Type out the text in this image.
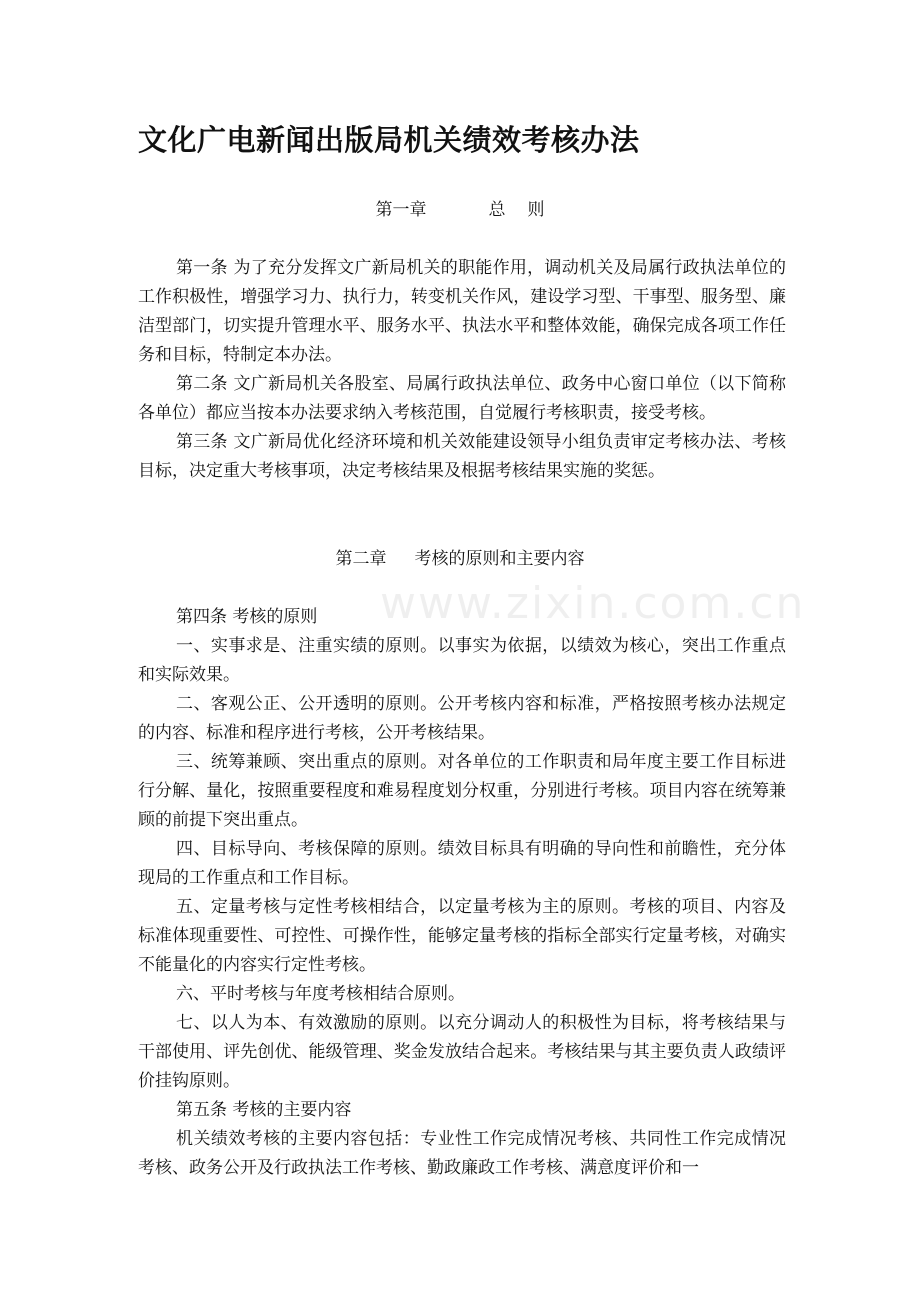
www.zixin.com.cn
文化广电新闻出版局机关绩效考核办法
第一章	总 则

第一条 为了充分发挥文广新局机关的职能作用，调动机关及局属行政执法单位的工作积极性，增强学习力、执行力，转变机关作风，建设学习型、干事型、服务型、廉洁型部门，切实提升管理水平、服务水平、执法水平和整体效能，确保完成各项工作任务和目标，特制定本办法。

第二条 文广新局机关各股室、局属行政执法单位、政务中心窗口单位（以下简称各单位）都应当按本办法要求纳入考核范围，自觉履行考核职责，接受考核。

第三条 文广新局优化经济环境和机关效能建设领导小组负责审定考核办法、考核目标，决定重大考核事项，决定考核结果及根据考核结果实施的奖惩。

第二章 考核的原则和主要内容

第四条 考核的原则

一、实事求是、注重实绩的原则。以事实为依据，以绩效为核心，突出工作重点和实际效果。

二、客观公正、公开透明的原则。公开考核内容和标准，严格按照考核办法规定的内容、标准和程序进行考核，公开考核结果。

三、统筹兼顾、突出重点的原则。对各单位的工作职责和局年度主要工作目标进行分解、量化，按照重要程度和难易程度划分权重，分别进行考核。项目内容在统筹兼顾的前提下突出重点。

四、目标导向、考核保障的原则。绩效目标具有明确的导向性和前瞻性，充分体现局的工作重点和工作目标。

五、定量考核与定性考核相结合，以定量考核为主的原则。考核的项目、内容及标准体现重要性、可控性、可操作性，能够定量考核的指标全部实行定量考核，对确实不能量化的内容实行定性考核。

六、平时考核与年度考核相结合原则。

七、以人为本、有效激励的原则。以充分调动人的积极性为目标，将考核结果与干部使用、评先创优、能级管理、奖金发放结合起来。考核结果与其主要负责人政绩评价挂钩原则。

第五条 考核的主要内容

机关绩效考核的主要内容包括：专业性工作完成情况考核、共同性工作完成情况考核、政务公开及行政执法工作考核、勤政廉政工作考核、满意度评价和一
